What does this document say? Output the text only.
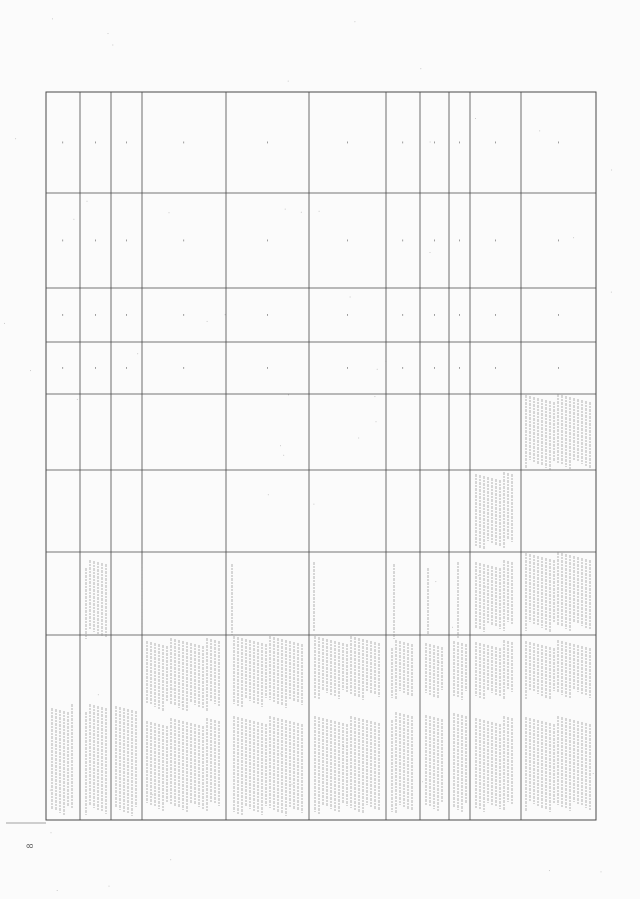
-
-
-
-
-
-
-
-
-
-
-
-
-
-
-
-
-
-
-
-
-
-
-
-
-
-
-
-
-
-
-
-
-
-
-
-
-
-
-
-
-
-
-
-
8
